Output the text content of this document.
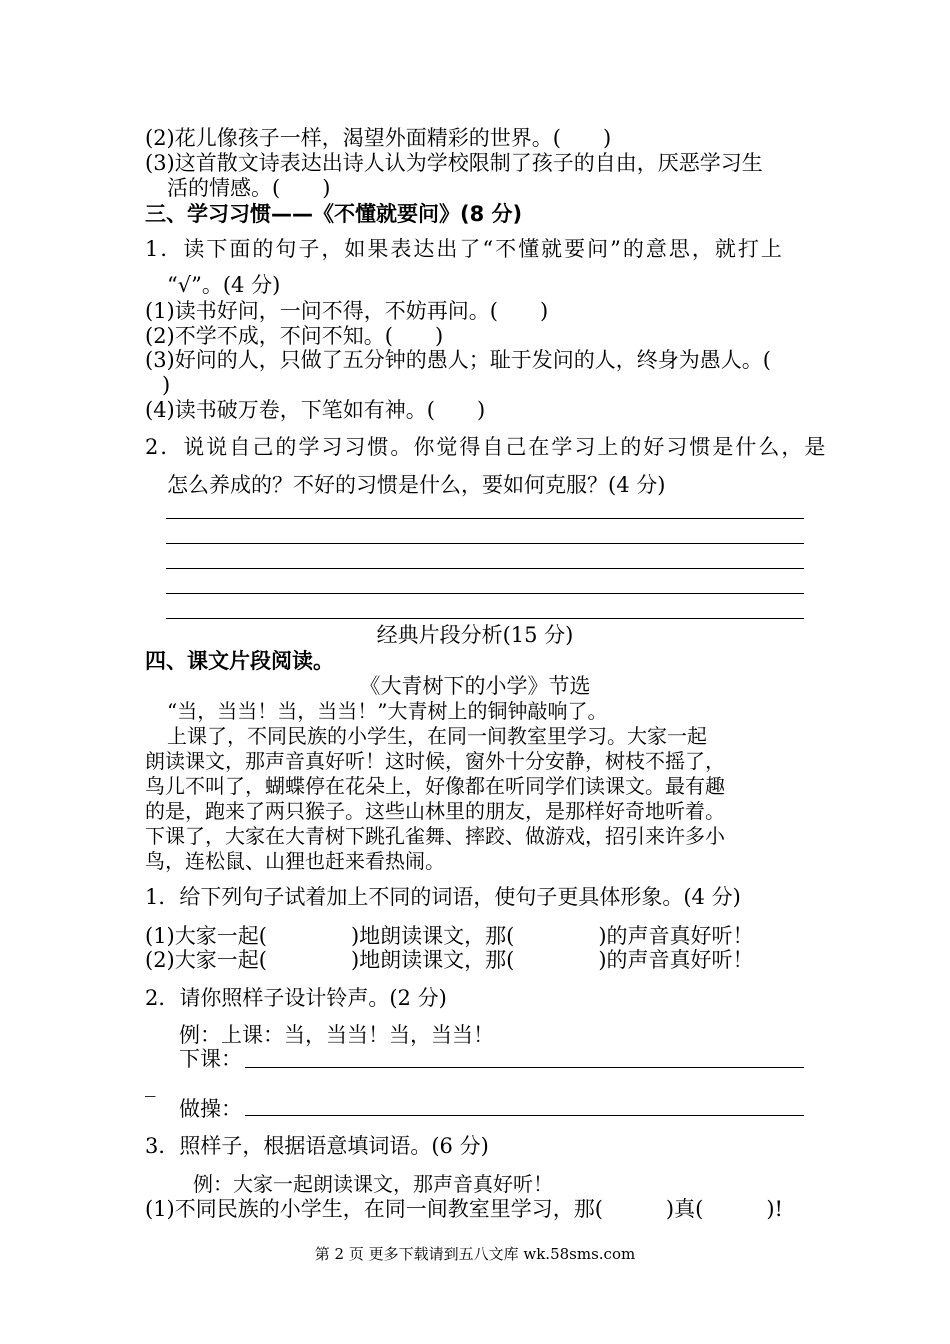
(2)花儿像孩子一样，渴望外面精彩的世界。(　　)
(3)这首散文诗表达出诗人认为学校限制了孩子的自由，厌恶学习生
活的情感。(　　)
三、学习习惯——《不懂就要问》(8 分)
1．读下面的句子，如果表达出了“不懂就要问”的意思，就打上
“√”。(4 分)
(1)读书好问，一问不得，不妨再问。(　　)
(2)不学不成，不问不知。(　　)
(3)好问的人，只做了五分钟的愚人；耻于发问的人，终身为愚人。(
)
(4)读书破万卷，下笔如有神。(　　)
2．说说自己的学习习惯。你觉得自己在学习上的好习惯是什么，是
怎么养成的？不好的习惯是什么，要如何克服？(4 分)
经典片段分析(15 分)
四、课文片段阅读。
《大青树下的小学》节选
“当，当当！当，当当！”大青树上的铜钟敲响了。
上课了，不同民族的小学生，在同一间教室里学习。大家一起
朗读课文，那声音真好听！这时候，窗外十分安静，树枝不摇了，
鸟儿不叫了，蝴蝶停在花朵上，好像都在听同学们读课文。最有趣
的是，跑来了两只猴子。这些山林里的朋友，是那样好奇地听着。
下课了，大家在大青树下跳孔雀舞、摔跤、做游戏，招引来许多小
鸟，连松鼠、山狸也赶来看热闹。
1．给下列句子试着加上不同的词语，使句子更具体形象。(4 分)
(1)大家一起(　　　　)地朗读课文，那(　　　　)的声音真好听！
(2)大家一起(　　　　)地朗读课文，那(　　　　)的声音真好听！
2．请你照样子设计铃声。(2 分)
例：上课：当，当当！当，当当！
下课：
_
做操：
3．照样子，根据语意填词语。(6 分)
例：大家一起朗读课文，那声音真好听！
(1)不同民族的小学生，在同一间教室里学习，那(　　　)真(　　　)!
第 2 页 更多下载请到五八文库 wk.58sms.com
